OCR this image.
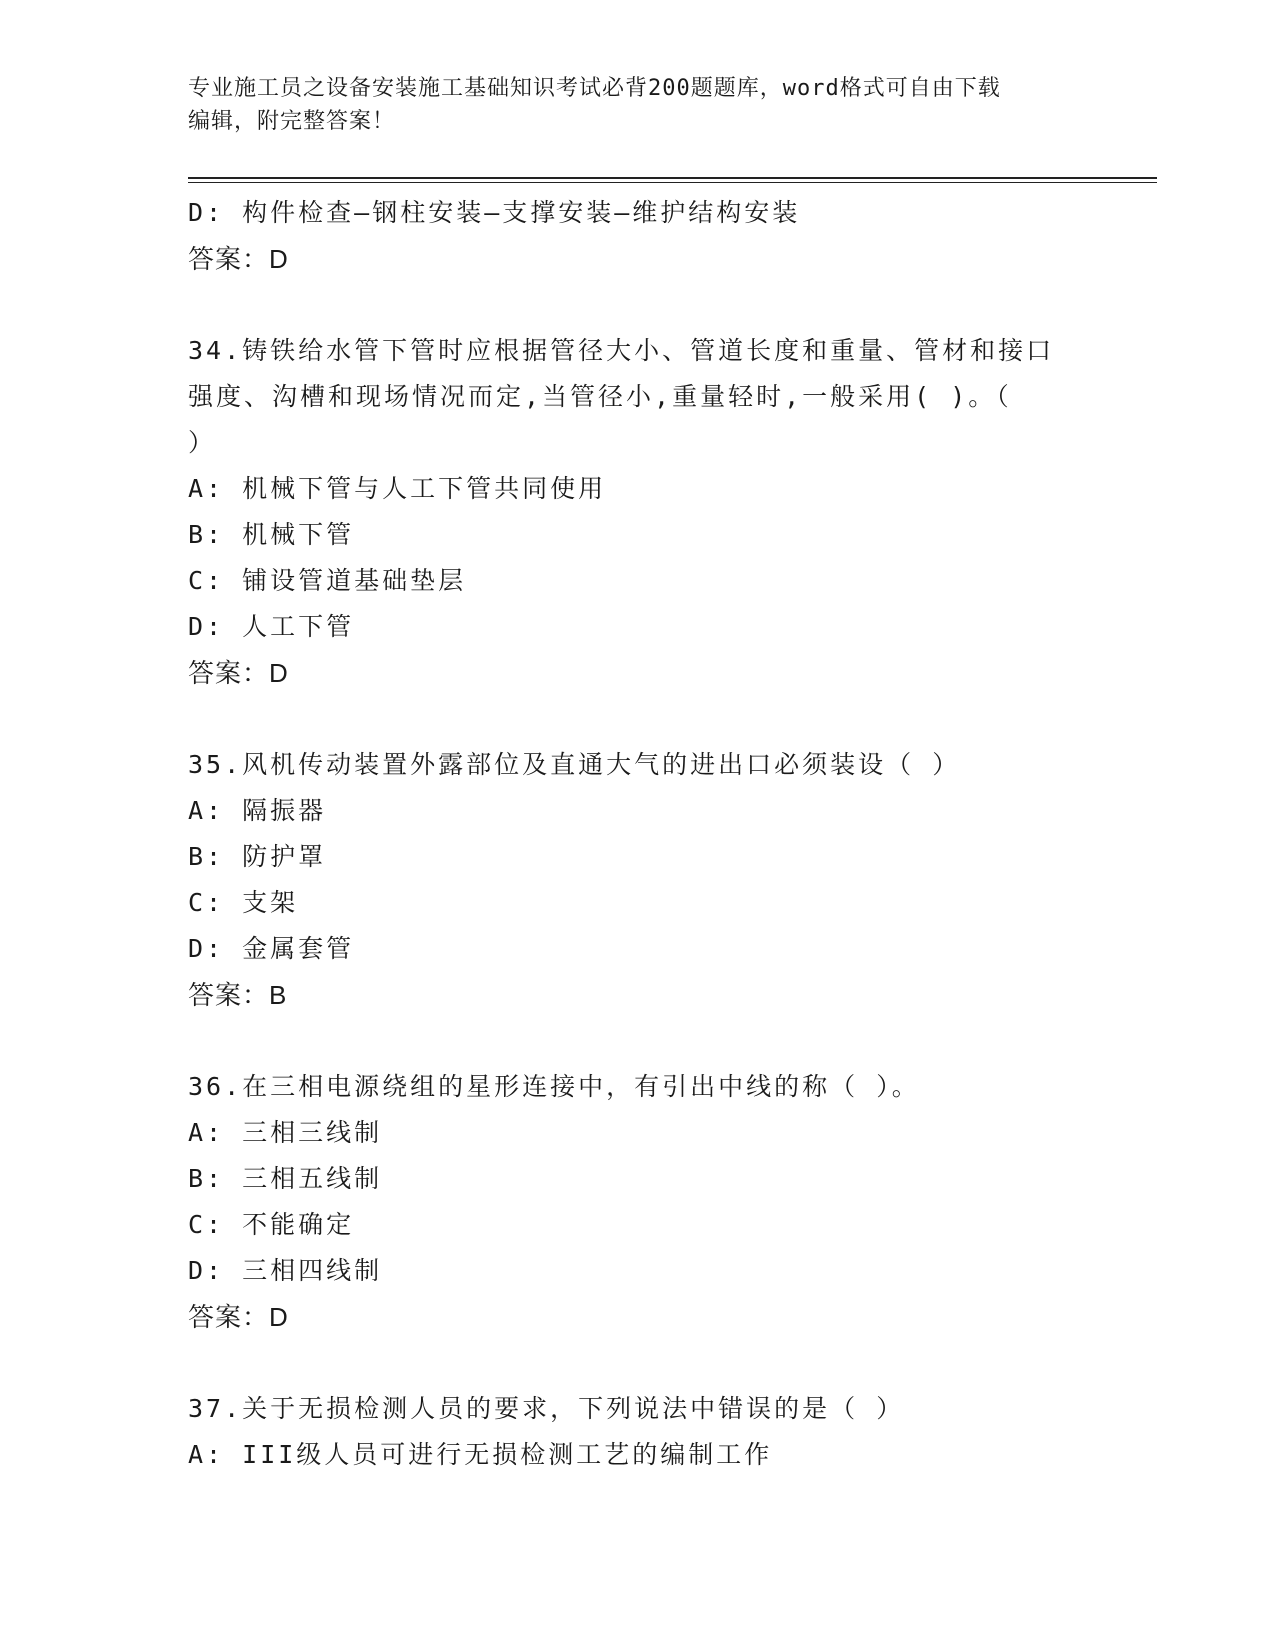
专业施工员之设备安装施工基础知识考试必背200题题库，word格式可自由下载
编辑，附完整答案！
D: 构件检查—钢柱安装—支撑安装—维护结构安装
答案：D
34.铸铁给水管下管时应根据管径大小、管道长度和重量、管材和接口
强度、沟槽和现场情况而定,当管径小,重量轻时,一般采用( )。（
）
A: 机械下管与人工下管共同使用
B: 机械下管
C: 铺设管道基础垫层
D: 人工下管
答案：D
35.风机传动装置外露部位及直通大气的进出口必须装设（ ）
A: 隔振器
B: 防护罩
C: 支架
D: 金属套管
答案：B
36.在三相电源绕组的星形连接中，有引出中线的称（ ）。
A: 三相三线制
B: 三相五线制
C: 不能确定
D: 三相四线制
答案：D
37.关于无损检测人员的要求，下列说法中错误的是（ ）
A: III级人员可进行无损检测工艺的编制工作
